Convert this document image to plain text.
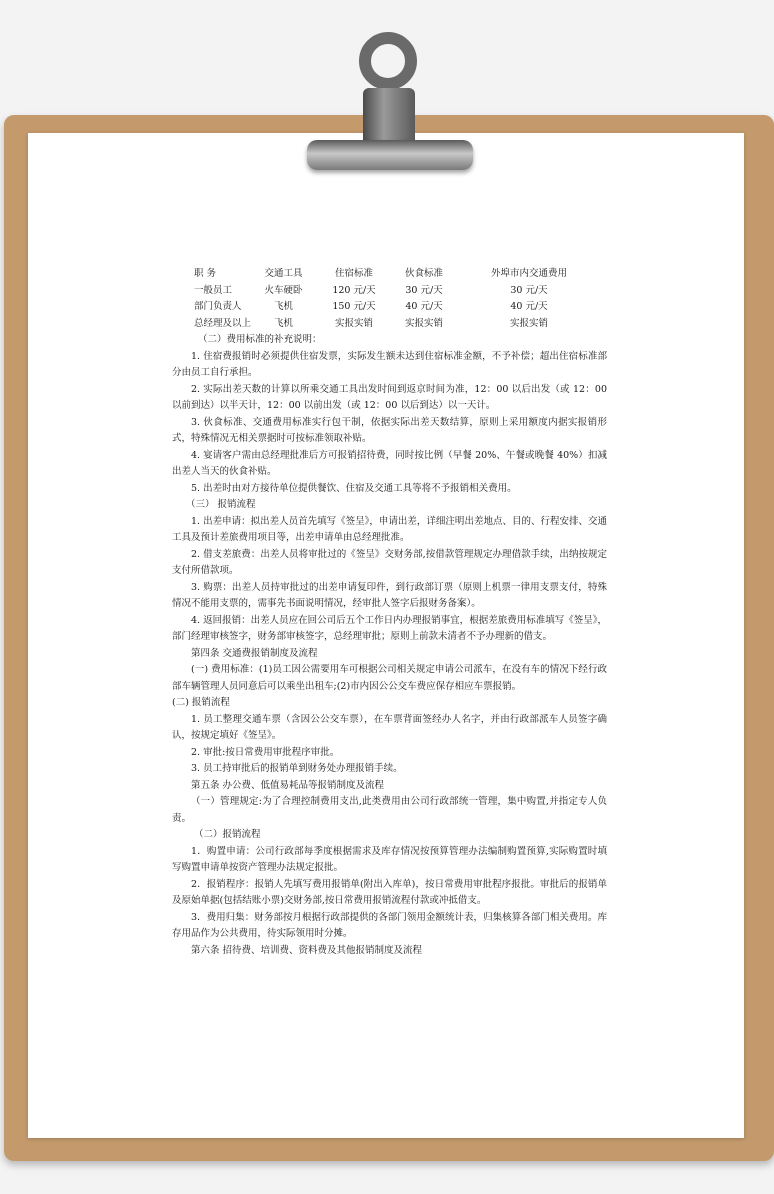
职 务	交通工具	住宿标准	伙食标准	外埠市内交通费用
一般员工	火车硬卧	120 元/天	30 元/天	30 元/天
部门负责人	飞机	150 元/天	40 元/天	40 元/天
总经理及以上	飞机	实报实销	实报实销	实报实销

（二）费用标准的补充说明：

1. 住宿费报销时必须提供住宿发票，实际发生额未达到住宿标准金额，不予补偿；超出住宿标准部分由员工自行承担。

2. 实际出差天数的计算以所乘交通工具出发时间到返京时间为准，12：00 以后出发（或 12：00 以前到达）以半天计，12：00 以前出发（或 12：00 以后到达）以一天计。

3. 伙食标准、交通费用标准实行包干制，依据实际出差天数结算，原则上采用额度内据实报销形式，特殊情况无相关票据时可按标准领取补贴。

4. 宴请客户需由总经理批准后方可报销招待费，同时按比例（早餐 20%、午餐或晚餐 40%）扣减出差人当天的伙食补贴。

5. 出差时由对方接待单位提供餐饮、住宿及交通工具等将不予报销相关费用。

（三） 报销流程

1. 出差申请：拟出差人员首先填写《签呈》，申请出差，详细注明出差地点、目的、行程安排、交通工具及预计差旅费用项目等，出差申请单由总经理批准。

2. 借支差旅费：出差人员将审批过的《签呈》交财务部,按借款管理规定办理借款手续，出纳按规定支付所借款项。

3. 购票：出差人员持审批过的出差申请复印件，到行政部订票（原则上机票一律用支票支付，特殊情况不能用支票的，需事先书面说明情况，经审批人签字后报财务备案）。

4. 返回报销：出差人员应在回公司后五个工作日内办理报销事宜，根据差旅费用标准填写《签呈》，部门经理审核签字，财务部审核签字，总经理审批；原则上前款未清者不予办理新的借支。

第四条 交通费报销制度及流程

(一) 费用标准：(1)员工因公需要用车可根据公司相关规定申请公司派车，在没有车的情况下经行政部车辆管理人员同意后可以乘坐出租车;(2)市内因公公交车费应保存相应车票报销。

(二) 报销流程

1. 员工整理交通车票（含因公公交车票），在车票背面签经办人名字，并由行政部派车人员签字确认，按规定填好《签呈》。

2. 审批:按日常费用审批程序审批。

3. 员工持审批后的报销单到财务处办理报销手续。

第五条 办公费、低值易耗品等报销制度及流程

（一）管理规定:为了合理控制费用支出,此类费用由公司行政部统一管理，集中购置,并指定专人负责。

（二）报销流程

1．购置申请：公司行政部每季度根据需求及库存情况按预算管理办法编制购置预算,实际购置时填写购置申请单按资产管理办法规定报批。

2．报销程序：报销人先填写费用报销单(附出入库单)，按日常费用审批程序报批。审批后的报销单及原始单据(包括结账小票)交财务部,按日常费用报销流程付款或冲抵借支。

3．费用归集：财务部按月根据行政部提供的各部门领用金额统计表，归集核算各部门相关费用。库存用品作为公共费用，待实际领用时分摊。

第六条 招待费、培训费、资料费及其他报销制度及流程
